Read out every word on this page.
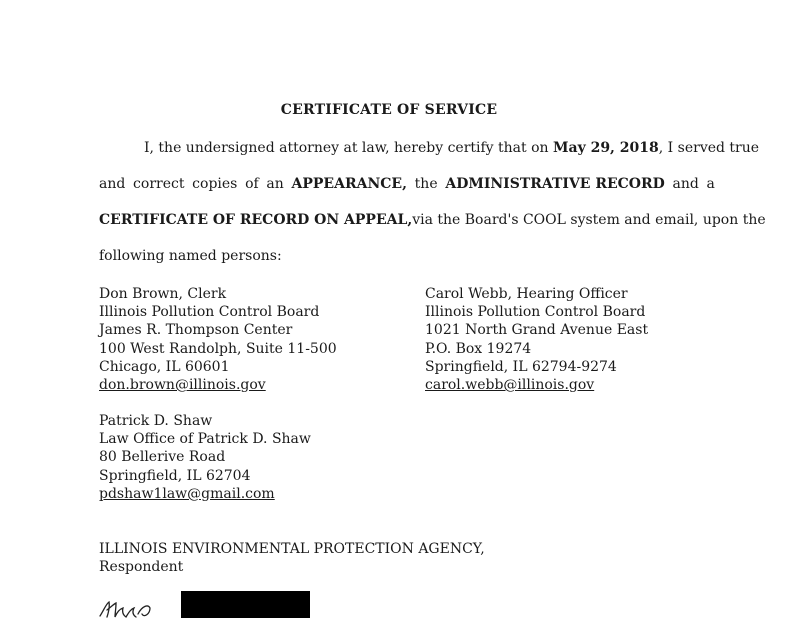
CERTIFICATE OF SERVICE
I, the undersigned attorney at law, hereby certify that on May 29, 2018, I served true
and correct copies of an APPEARANCE, the ADMINISTRATIVE RECORD and a
CERTIFICATE OF RECORD ON APPEAL, via the Board's COOL system and email, upon the
following named persons:
Don Brown, Clerk
Illinois Pollution Control Board
James R. Thompson Center
100 West Randolph, Suite 11-500
Chicago, IL 60601
don.brown@illinois.gov
Carol Webb, Hearing Officer
Illinois Pollution Control Board
1021 North Grand Avenue East
P.O. Box 19274
Springfield, IL 62794-9274
carol.webb@illinois.gov
Patrick D. Shaw
Law Office of Patrick D. Shaw
80 Bellerive Road
Springfield, IL 62704
pdshaw1law@gmail.com
ILLINOIS ENVIRONMENTAL PROTECTION AGENCY,
Respondent
